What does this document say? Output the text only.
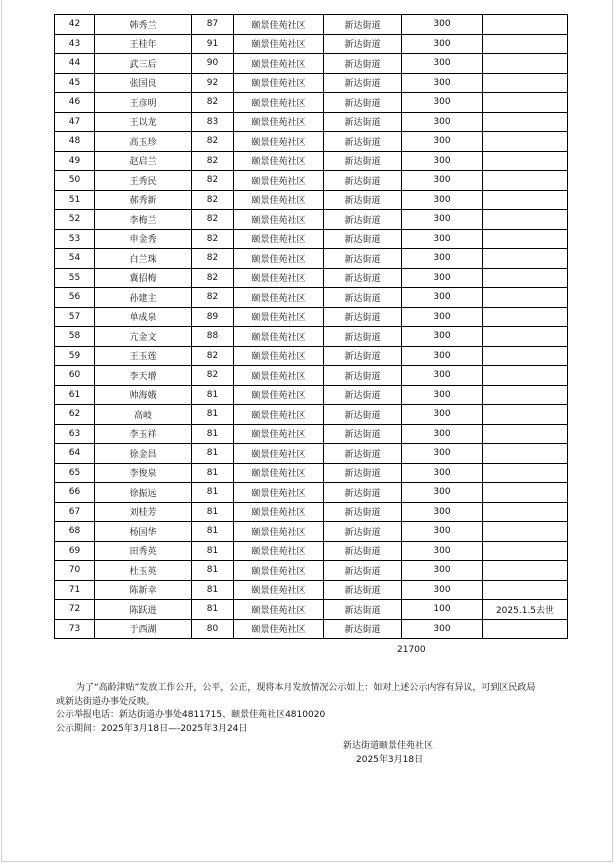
42	韩秀兰	87	颐景佳苑社区	新达街道	300	
43	王桂年	91	颐景佳苑社区	新达街道	300	
44	武三后	90	颐景佳苑社区	新达街道	300	
45	张国良	92	颐景佳苑社区	新达街道	300	
46	王彦明	82	颐景佳苑社区	新达街道	300	
47	王以龙	83	颐景佳苑社区	新达街道	300	
48	高玉珍	82	颐景佳苑社区	新达街道	300	
49	赵启兰	82	颐景佳苑社区	新达街道	300	
50	王秀民	82	颐景佳苑社区	新达街道	300	
51	郝秀新	82	颐景佳苑社区	新达街道	300	
52	李梅兰	82	颐景佳苑社区	新达街道	300	
53	申金秀	82	颐景佳苑社区	新达街道	300	
54	白兰珠	82	颐景佳苑社区	新达街道	300	
55	冀招梅	82	颐景佳苑社区	新达街道	300	
56	孙建主	82	颐景佳苑社区	新达街道	300	
57	单成泉	89	颐景佳苑社区	新达街道	300	
58	亢金文	88	颐景佳苑社区	新达街道	300	
59	王玉莲	82	颐景佳苑社区	新达街道	300	
60	李天增	82	颐景佳苑社区	新达街道	300	
61	帅海娥	81	颐景佳苑社区	新达街道	300	
62	高岐	81	颐景佳苑社区	新达街道	300	
63	李玉祥	81	颐景佳苑社区	新达街道	300	
64	徐金昌	81	颐景佳苑社区	新达街道	300	
65	李俊泉	81	颐景佳苑社区	新达街道	300	
66	徐振远	81	颐景佳苑社区	新达街道	300	
67	刘桂芳	81	颐景佳苑社区	新达街道	300	
68	杨国华	81	颐景佳苑社区	新达街道	300	
69	田秀英	81	颐景佳苑社区	新达街道	300	
70	杜玉英	81	颐景佳苑社区	新达街道	300	
71	陈新幸	81	颐景佳苑社区	新达街道	300	
72	陈跃进	81	颐景佳苑社区	新达街道	100	2025.1.5去世
73	于西湖	80	颐景佳苑社区	新达街道	300	
21700

为了“高龄津贴”发放工作公开，公平，公正，现将本月发放情况公示如上：如对上述公示内容有异议，可到区民政局或新达街道办事处反映。

公示举报电话：新达街道办事处4811715、颐景佳苑社区4810020

公示期间：2025年3月18日—-2025年3月24日

新达街道颐景佳苑社区
2025年3月18日
